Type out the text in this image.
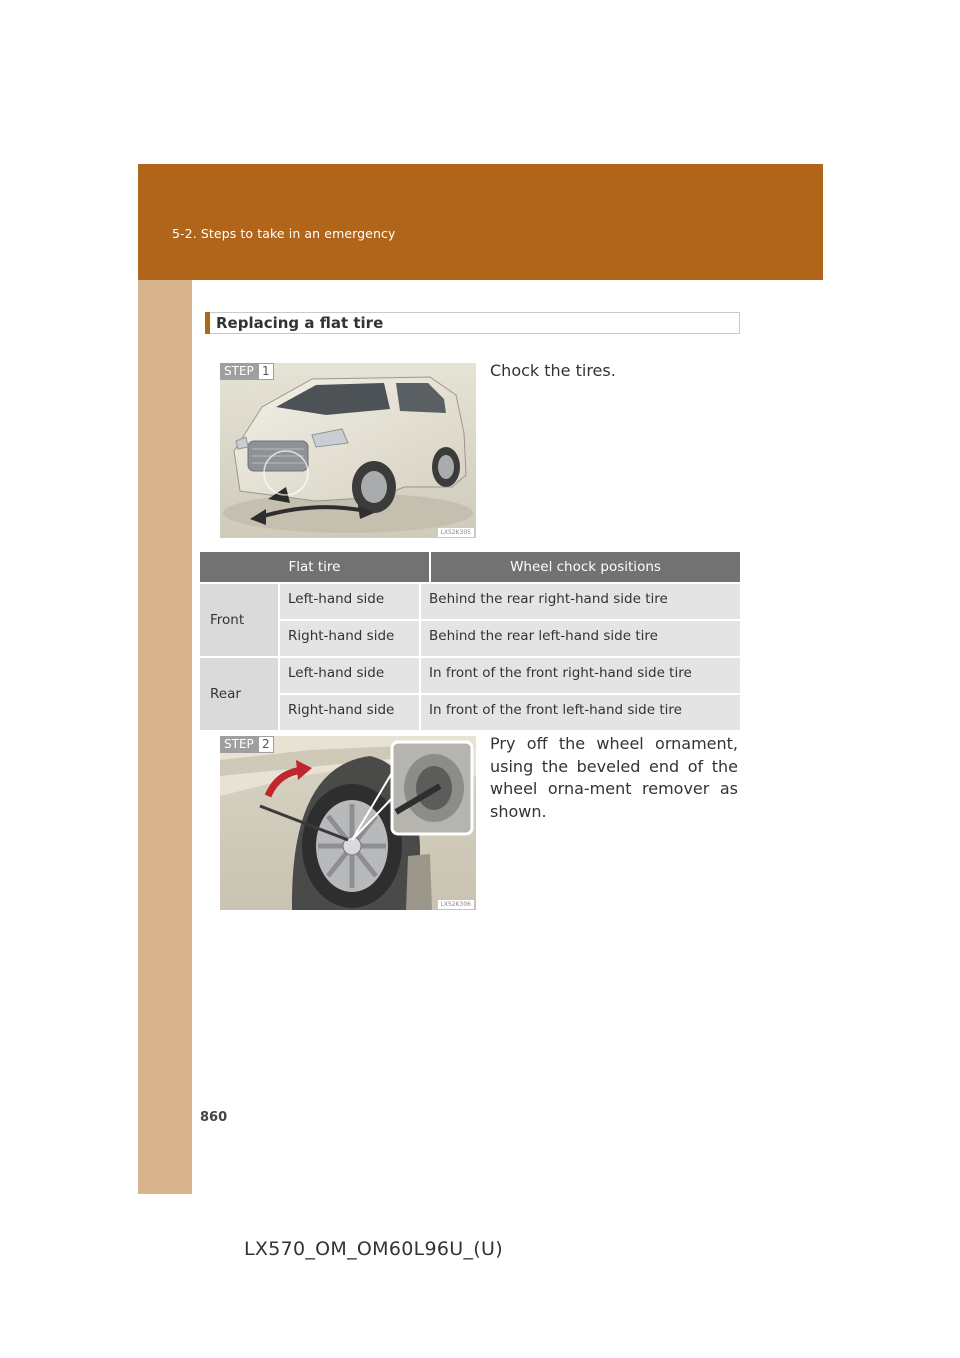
5-2. Steps to take in an emergency
Replacing a flat tire
STEP 1
LX52K305
Chock the tires.
Flat tire	Wheel chock positions
Front	Left-hand side	Behind the rear right-hand side tire
	Right-hand side	Behind the rear left-hand side tire
Rear	Left-hand side	In front of the front right-hand side tire
	Right-hand side	In front of the front left-hand side tire
STEP 2
LX52K306
Pry off the wheel ornament, using the beveled end of the wheel orna-ment remover as shown.
860
LX570_OM_OM60L96U_(U)
